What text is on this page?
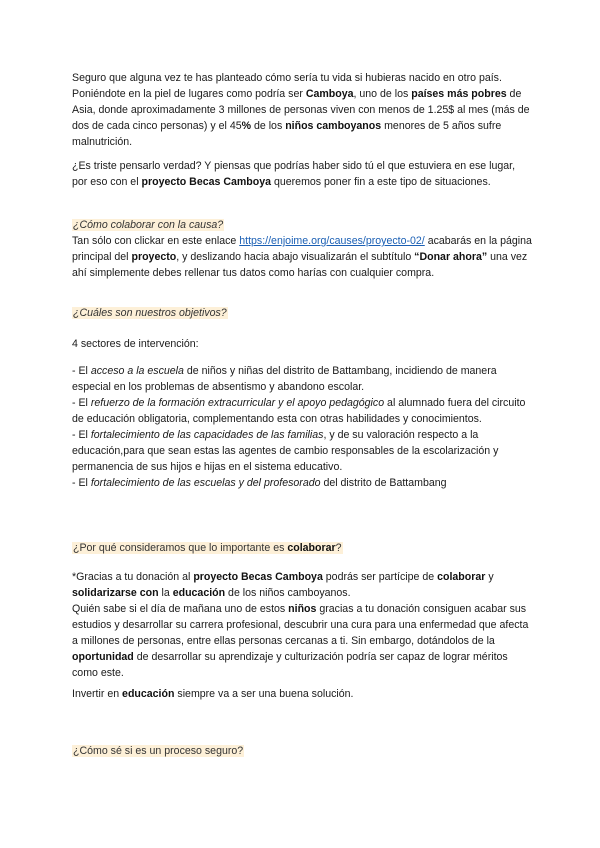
Seguro que alguna vez te has planteado cómo sería tu vida si hubieras nacido en otro país. Poniéndote en la piel de lugares como podría ser Camboya, uno de los países más pobres de Asia, donde aproximadamente 3 millones de personas viven con menos de 1.25$ al mes (más de dos de cada cinco personas) y el 45% de los niños camboyanos menores de 5 años sufre malnutrición.

¿Es triste pensarlo verdad? Y piensas que podrías haber sido tú el que estuviera en ese lugar, por eso con el proyecto Becas Camboya queremos poner fin a este tipo de situaciones.

¿Cómo colaborar con la causa?

Tan sólo con clickar en este enlace https://enjoime.org/causes/proyecto-02/ acabarás en la página principal del proyecto, y deslizando hacia abajo visualizarán el subtítulo “Donar ahora” una vez ahí simplemente debes rellenar tus datos como harías con cualquier compra.

¿Cuáles son nuestros objetivos?

4 sectores de intervención:

- El acceso a la escuela de niños y niñas del distrito de Battambang, incidiendo de manera especial en los problemas de absentismo y abandono escolar.

- El refuerzo de la formación extracurricular y el apoyo pedagógico al alumnado fuera del circuito de educación obligatoria, complementando esta con otras habilidades y conocimientos.

- El fortalecimiento de las capacidades de las familias, y de su valoración respecto a la educación,para que sean estas las agentes de cambio responsables de la escolarización y permanencia de sus hijos e hijas en el sistema educativo.

- El fortalecimiento de las escuelas y del profesorado del distrito de Battambang

¿Por qué consideramos que lo importante es colaborar?

*Gracias a tu donación al proyecto Becas Camboya podrás ser partícipe de colaborar y solidarizarse con la educación de los niños camboyanos.

Quién sabe si el día de mañana uno de estos niños gracias a tu donación consiguen acabar sus estudios y desarrollar su carrera profesional, descubrir una cura para una enfermedad que afecta a millones de personas, entre ellas personas cercanas a ti. Sin embargo, dotándolos de la oportunidad de desarrollar su aprendizaje y culturización podría ser capaz de lograr méritos como este.

Invertir en educación siempre va a ser una buena solución.

¿Cómo sé si es un proceso seguro?
